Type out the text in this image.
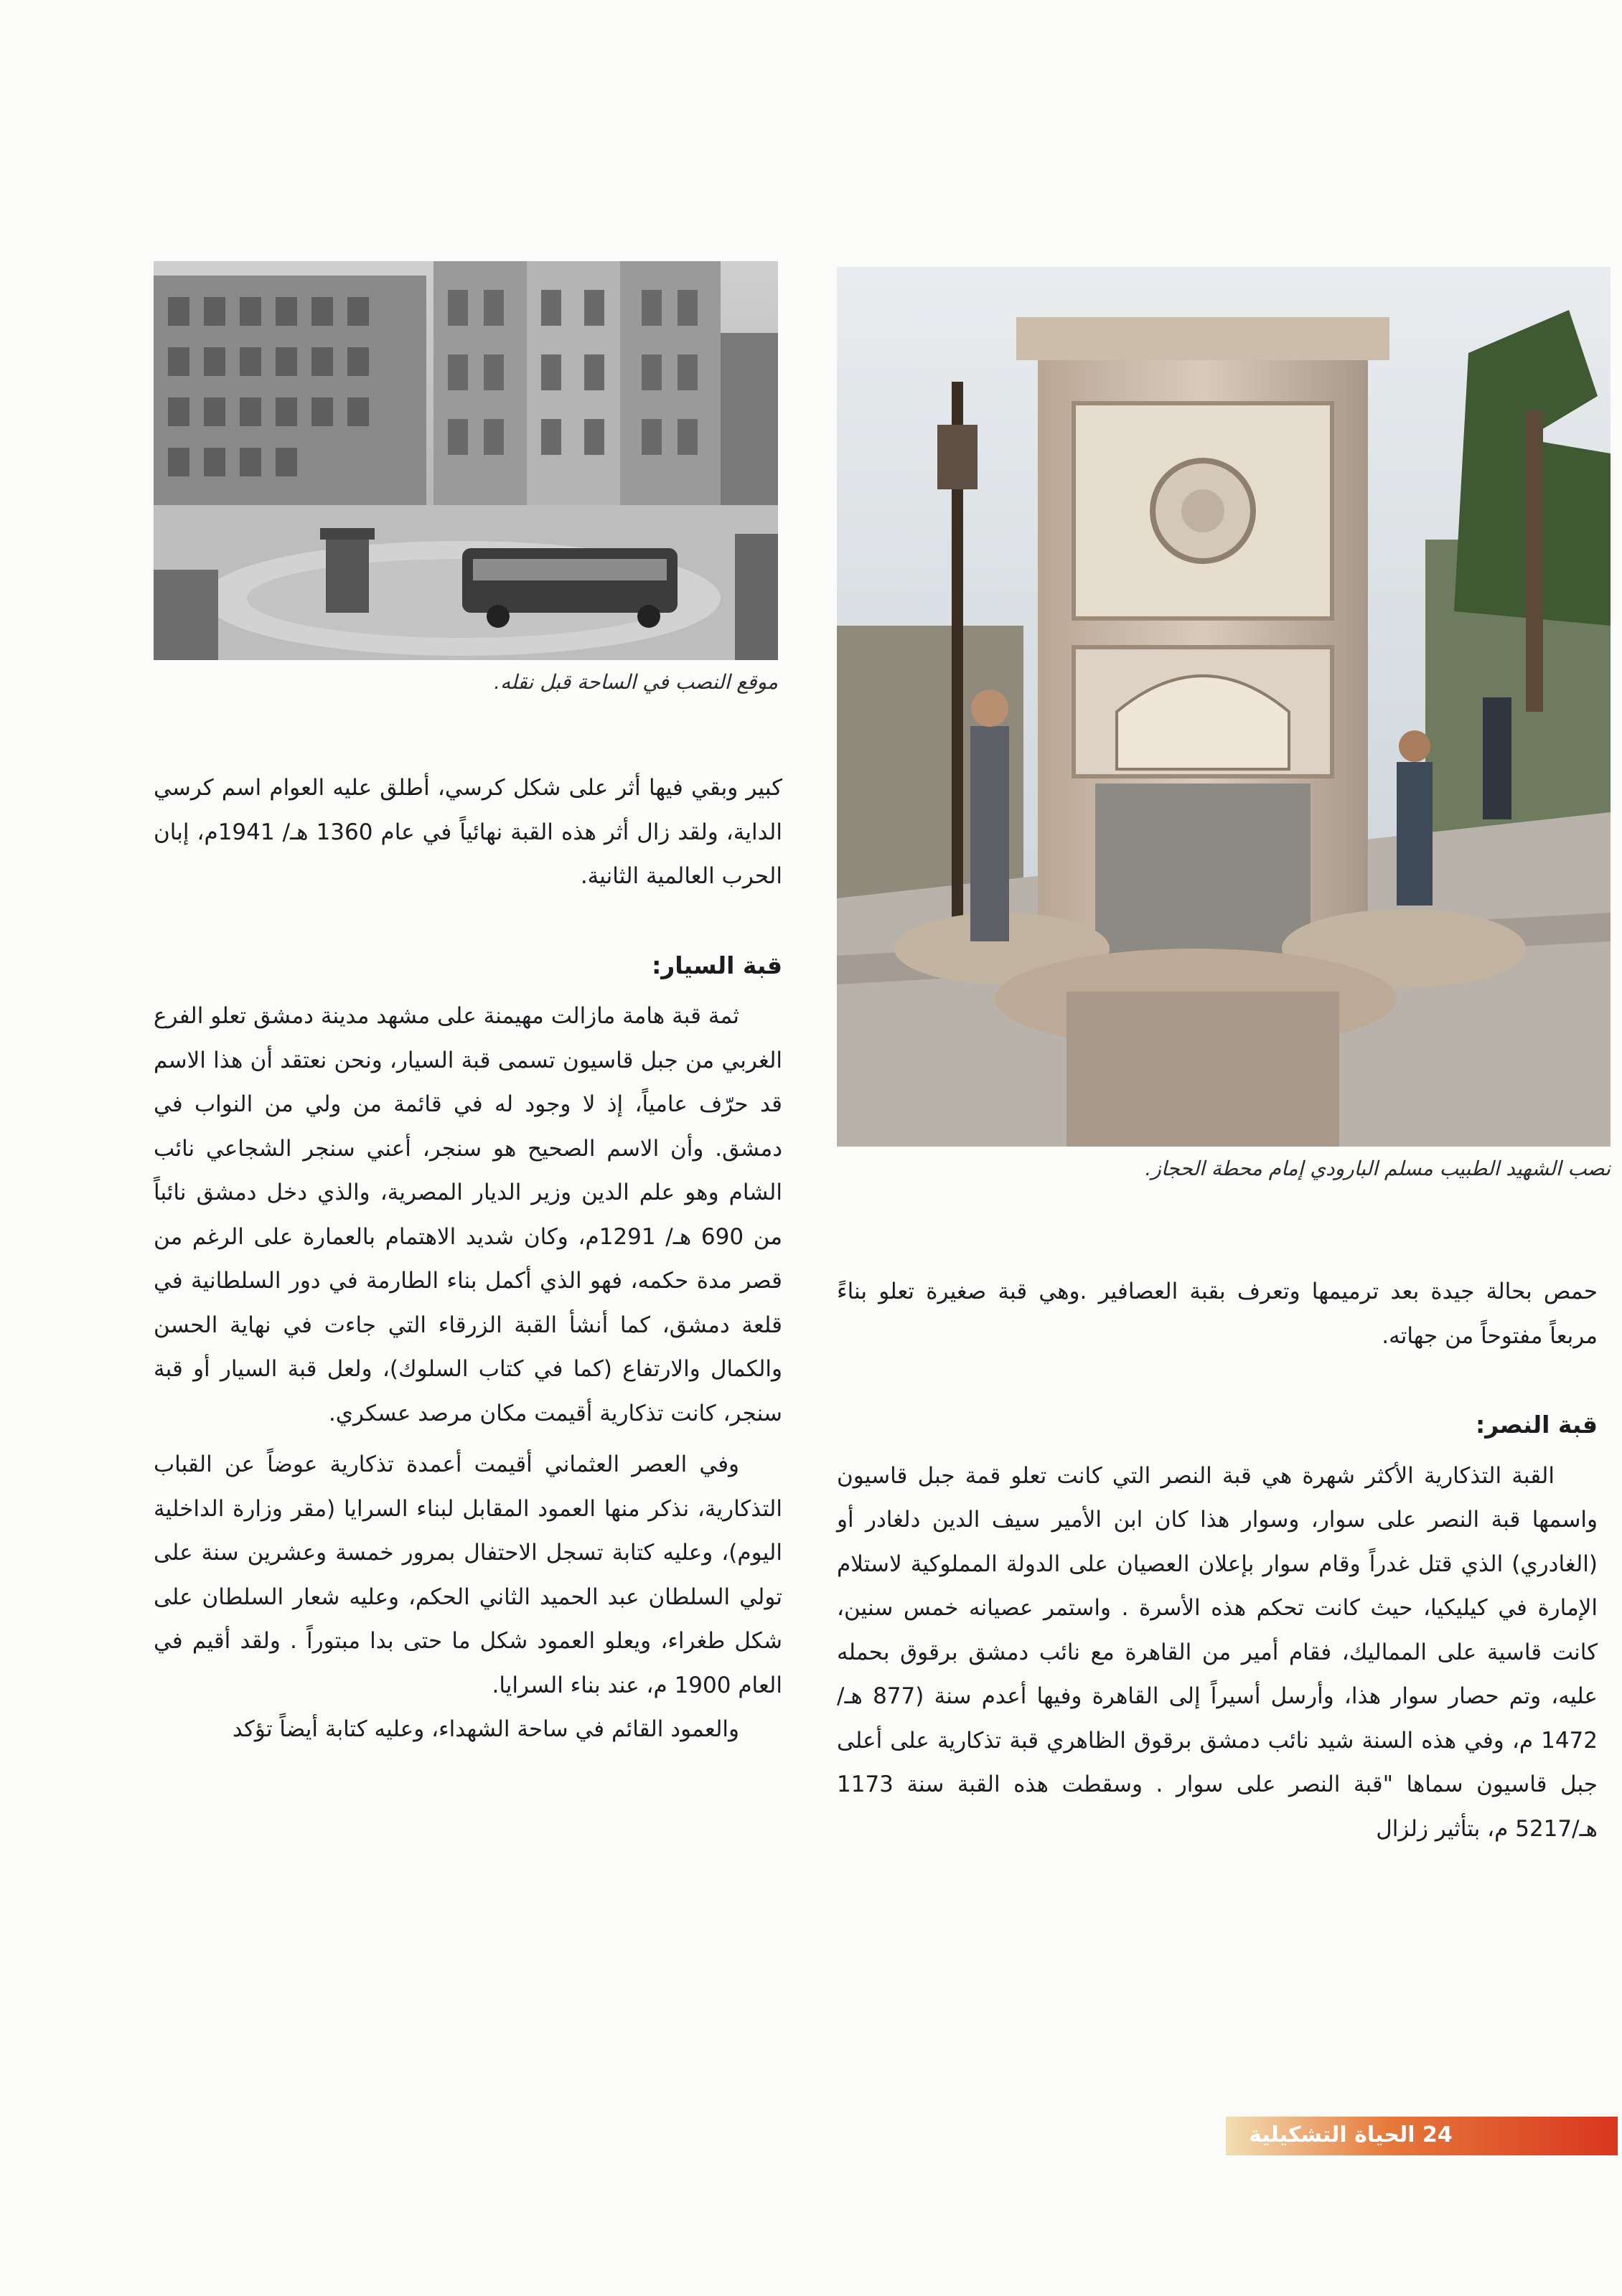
موقع النصب في الساحة قبل نقله.
نصب الشهيد الطبيب مسلم البارودي إمام محطة الحجاز.

كبير وبقي فيها أثر على شكل كرسي، أطلق عليه العوام اسم كرسي الداية، ولقد زال أثر هذه القبة نهائياً في عام 1360 هـ/ 1941م، إبان الحرب العالمية الثانية.

قبة السيار:

ثمة قبة هامة مازالت مهيمنة على مشهد مدينة دمشق تعلو الفرع الغربي من جبل قاسيون تسمى قبة السيار، ونحن نعتقد أن هذا الاسم قد حرّف عامياً، إذ لا وجود له في قائمة من ولي من النواب في دمشق. وأن الاسم الصحيح هو سنجر، أعني سنجر الشجاعي نائب الشام وهو علم الدين وزير الديار المصرية، والذي دخل دمشق نائباً من 690 هـ/ 1291م، وكان شديد الاهتمام بالعمارة على الرغم من قصر مدة حكمه، فهو الذي أكمل بناء الطارمة في دور السلطانية في قلعة دمشق، كما أنشأ القبة الزرقاء التي جاءت في نهاية الحسن والكمال والارتفاع (كما في كتاب السلوك)، ولعل قبة السيار أو قبة سنجر، كانت تذكارية أقيمت مكان مرصد عسكري.

وفي العصر العثماني أقيمت أعمدة تذكارية عوضاً عن القباب التذكارية، نذكر منها العمود المقابل لبناء السرايا (مقر وزارة الداخلية اليوم)، وعليه كتابة تسجل الاحتفال بمرور خمسة وعشرين سنة على تولي السلطان عبد الحميد الثاني الحكم، وعليه شعار السلطان على شكل طغراء، ويعلو العمود شكل ما حتى بدا مبتوراً . ولقد أقيم في العام 1900 م، عند بناء السرايا.

والعمود القائم في ساحة الشهداء، وعليه كتابة أيضاً تؤكد

حمص بحالة جيدة بعد ترميمها وتعرف بقبة العصافير .وهي قبة صغيرة تعلو بناءً مربعاً مفتوحاً من جهاته.

قبة النصر:

القبة التذكارية الأكثر شهرة هي قبة النصر التي كانت تعلو قمة جبل قاسيون واسمها قبة النصر على سوار، وسوار هذا كان ابن الأمير سيف الدين دلغادر أو (الغادري) الذي قتل غدراً وقام سوار بإعلان العصيان على الدولة المملوكية لاستلام الإمارة في كيليكيا، حيث كانت تحكم هذه الأسرة . واستمر عصيانه خمس سنين، كانت قاسية على المماليك، فقام أمير من القاهرة مع نائب دمشق برقوق بحمله عليه، وتم حصار سوار هذا، وأرسل أسيراً إلى القاهرة وفيها أعدم سنة (877 هـ/ 1472 م، وفي هذه السنة شيد نائب دمشق برقوق الظاهري قبة تذكارية على أعلى جبل قاسيون سماها "قبة النصر على سوار . وسقطت هذه القبة سنة 1173 هـ/5217 م، بتأثير زلزال

24 الحياة التشكيلية
